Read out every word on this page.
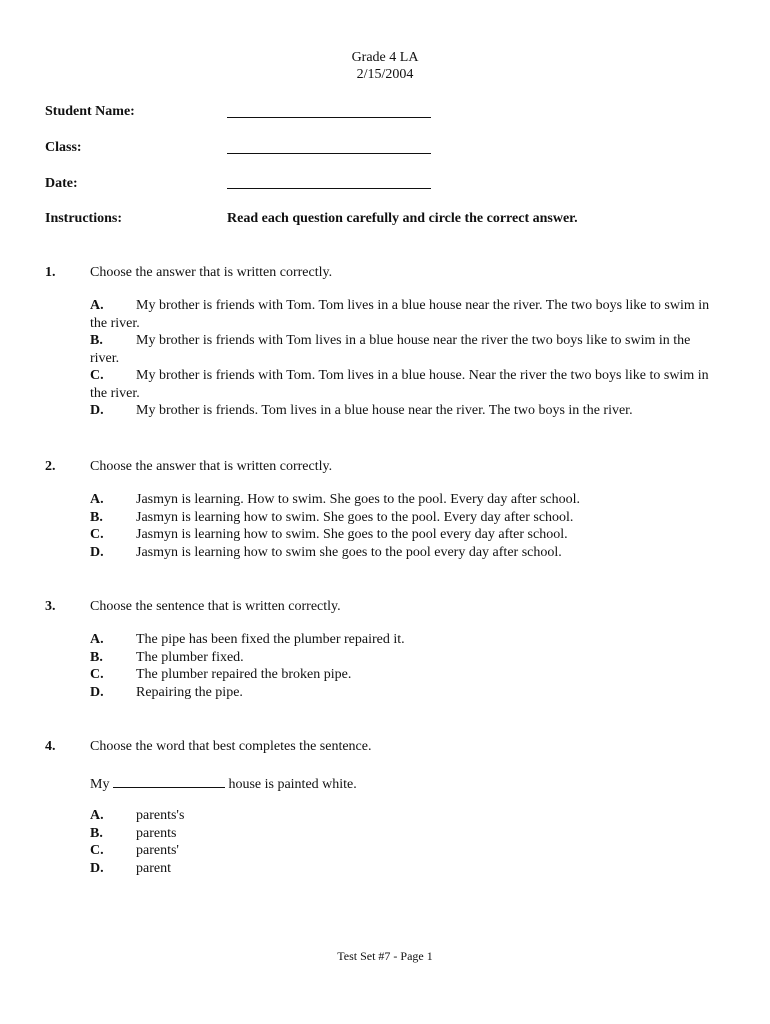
Grade 4 LA
2/15/2004
Student Name:
Class:
Date:
Instructions:	Read each question carefully and circle the correct answer.
1. Choose the answer that is written correctly.
A. My brother is friends with Tom. Tom lives in a blue house near the river. The two boys like to swim in the river.
B. My brother is friends with Tom lives in a blue house near the river the two boys like to swim in the river.
C. My brother is friends with Tom. Tom lives in a blue house. Near the river the two boys like to swim in the river.
D. My brother is friends. Tom lives in a blue house near the river. The two boys in the river.
2. Choose the answer that is written correctly.
A.	Jasmyn is learning. How to swim. She goes to the pool. Every day after school.
B.	Jasmyn is learning how to swim. She goes to the pool. Every day after school.
C.	Jasmyn is learning how to swim. She goes to the pool every day after school.
D.	Jasmyn is learning how to swim she goes to the pool every day after school.
3. Choose the sentence that is written correctly.
A.	The pipe has been fixed the plumber repaired it.
B.	The plumber fixed.
C.	The plumber repaired the broken pipe.
D.	Repairing the pipe.
4. Choose the word that best completes the sentence.
My	house is painted white.
A.	parents's
B.	parents
C.	parents'
D.	parent
Test Set #7 - Page 1
